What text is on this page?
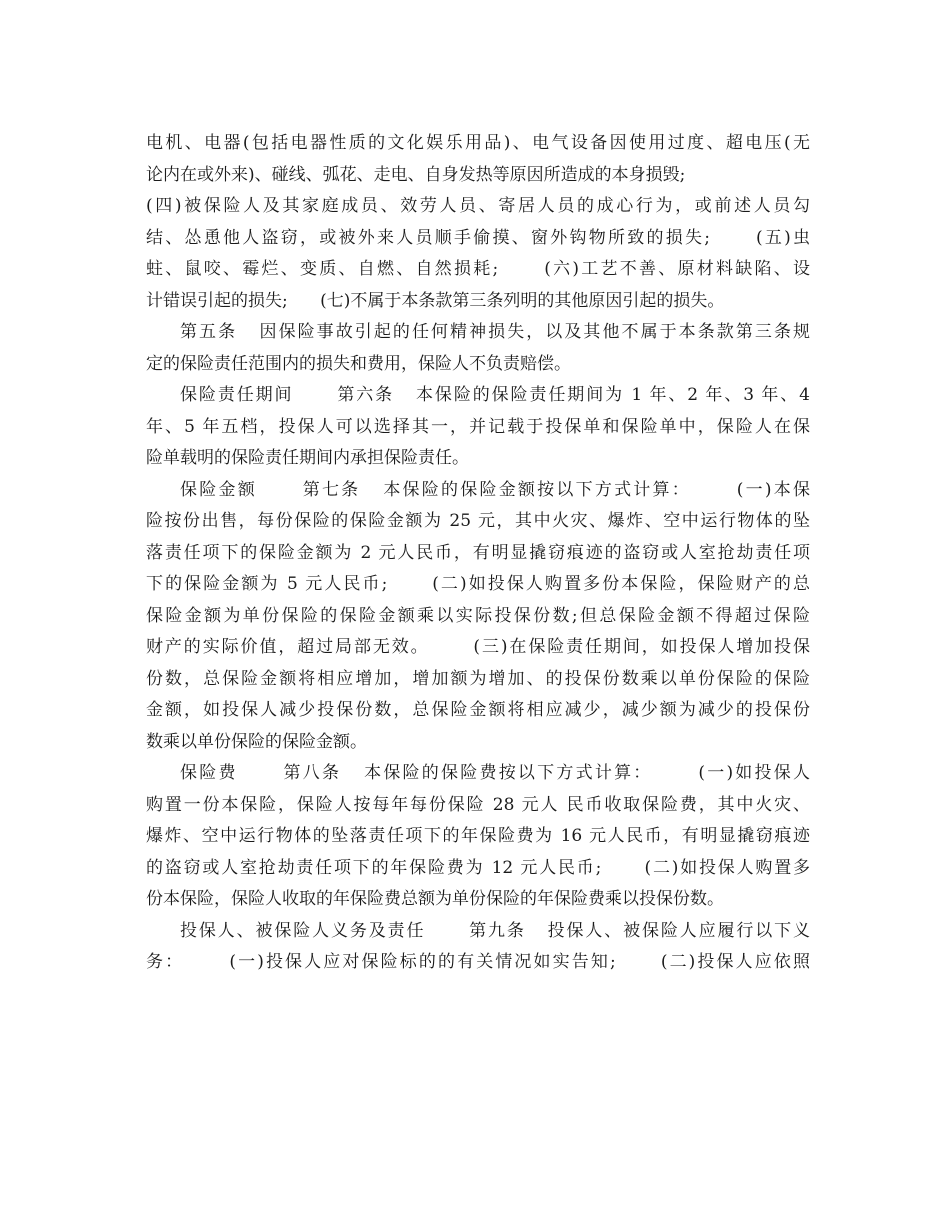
电机、电器(包括电器性质的文化娱乐用品)、电气设备因使用过度、超电压(无
论内在或外来)、碰线、弧花、走电、自身发热等原因所造成的本身损毁;
(四)被保险人及其家庭成员、效劳人员、寄居人员的成心行为，或前述人员勾
结、怂恿他人盗窃，或被外来人员顺手偷摸、窗外钩物所致的损失;      (五)虫
蛀、鼠咬、霉烂、变质、自燃、自然损耗;      (六)工艺不善、原材料缺陷、设
计错误引起的损失;      (七)不属于本条款第三条列明的其他原因引起的损失。
第五条   因保险事故引起的任何精神损失，以及其他不属于本条款第三条规
定的保险责任范围内的损失和费用，保险人不负责赔偿。
保险责任期间      第六条   本保险的保险责任期间为 1 年、2 年、3 年、4
年、5 年五档，投保人可以选择其一，并记载于投保单和保险单中，保险人在保
险单载明的保险责任期间内承担保险责任。
保险金额      第七条   本保险的保险金额按以下方式计算：      (一)本保
险按份出售，每份保险的保险金额为 25 元，其中火灾、爆炸、空中运行物体的坠
落责任项下的保险金额为 2 元人民币，有明显撬窃痕迹的盗窃或人室抢劫责任项
下的保险金额为 5 元人民币;      (二)如投保人购置多份本保险，保险财产的总
保险金额为单份保险的保险金额乘以实际投保份数;但总保险金额不得超过保险
财产的实际价值，超过局部无效。      (三)在保险责任期间，如投保人增加投保
份数，总保险金额将相应增加，增加额为增加、的投保份数乘以单份保险的保险
金额，如投保人减少投保份数，总保险金额将相应减少，减少额为减少的投保份
数乘以单份保险的保险金额。
保险费      第八条   本保险的保险费按以下方式计算：      (一)如投保人
购置一份本保险，保险人按每年每份保险 28 元人 民币收取保险费，其中火灾、
爆炸、空中运行物体的坠落责任项下的年保险费为 16 元人民币，有明显撬窃痕迹
的盗窃或人室抢劫责任项下的年保险费为 12 元人民币;      (二)如投保人购置多
份本保险，保险人收取的年保险费总额为单份保险的年保险费乘以投保份数。
投保人、被保险人义务及责任      第九条   投保人、被保险人应履行以下义
务：      (一)投保人应对保险标的的有关情况如实告知;      (二)投保人应依照
